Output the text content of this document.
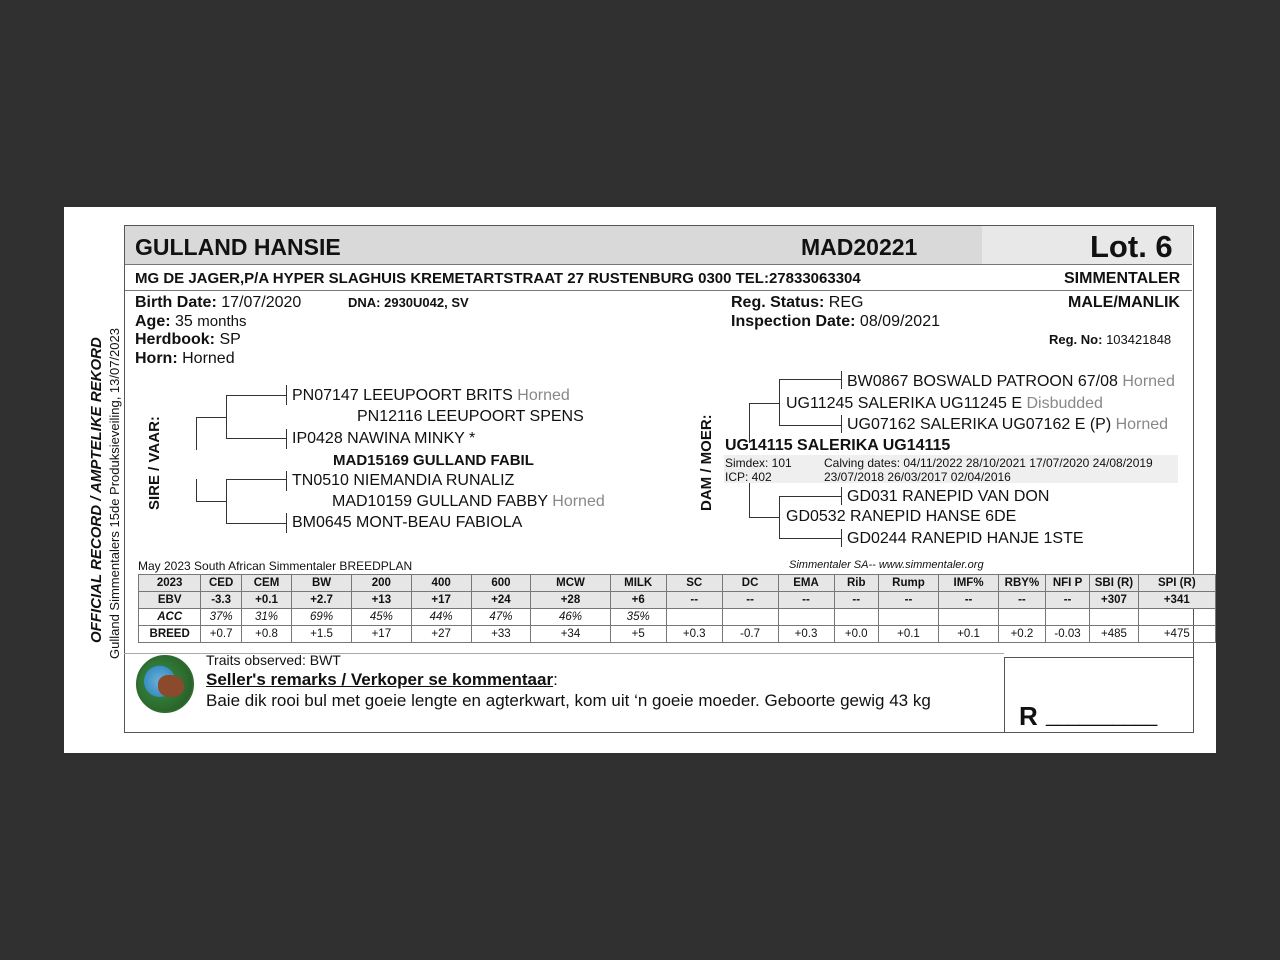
OFFICIAL RECORD / AMPTELIKE REKORD Gulland Simmentalers 15de Produksieveiling, 13/07/2023
GULLAND HANSIE	MAD20221	Lot. 6
MG DE JAGER,P/A HYPER SLAGHUIS KREMETARTSTRAAT 27 RUSTENBURG 0300 TEL:27833063304	SIMMENTALER
Birth Date: 17/07/2020	DNA: 2930U042, SV
Age: 35 months
Herdbook: SP
Horn: Horned
Reg. Status: REG
Inspection Date: 08/09/2021
MALE/MANLIK
Reg. No: 103421848
SIRE / VAAR:
PN07147 LEEUPOORT BRITS Horned
PN12116 LEEUPOORT SPENS
IP0428 NAWINA MINKY *
MAD15169 GULLAND FABIL
TN0510 NIEMANDIA RUNALIZ
MAD10159 GULLAND FABBY Horned
BM0645 MONT-BEAU FABIOLA
DAM / MOER:
BW0867 BOSWALD PATROON 67/08 Horned
UG11245 SALERIKA UG11245 E Disbudded
UG07162 SALERIKA UG07162 E (P) Horned
UG14115 SALERIKA UG14115
Simdex: 101
ICP: 402
Calving dates: 04/11/2022 28/10/2021 17/07/2020 24/08/2019
23/07/2018 26/03/2017 02/04/2016
GD031 RANEPID VAN DON
GD0532 RANEPID HANSE 6DE
GD0244 RANEPID HANJE 1STE
May 2023 South African Simmentaler BREEDPLAN	Simmentaler SA-- www.simmentaler.org
2023	CED	CEM	BW	200	400	600	MCW	MILK	SC	DC	EMA	Rib	Rump	IMF%	RBY%	NFI P	SBI (R)	SPI (R)
EBV	-3.3	+0.1	+2.7	+13	+17	+24	+28	+6	--	--	--	--	--	--	--	--	+307	+341
ACC	37%	31%	69%	45%	44%	47%	46%	35%										
BREED	+0.7	+0.8	+1.5	+17	+27	+33	+34	+5	+0.3	-0.7	+0.3	+0.0	+0.1	+0.1	+0.2	-0.03	+485	+475
Traits observed: BWT
Seller's remarks / Verkoper se kommentaar:
Baie dik rooi bul met goeie lengte en agterkwart, kom uit ‘n goeie moeder. Geboorte gewig 43 kg
R __________
